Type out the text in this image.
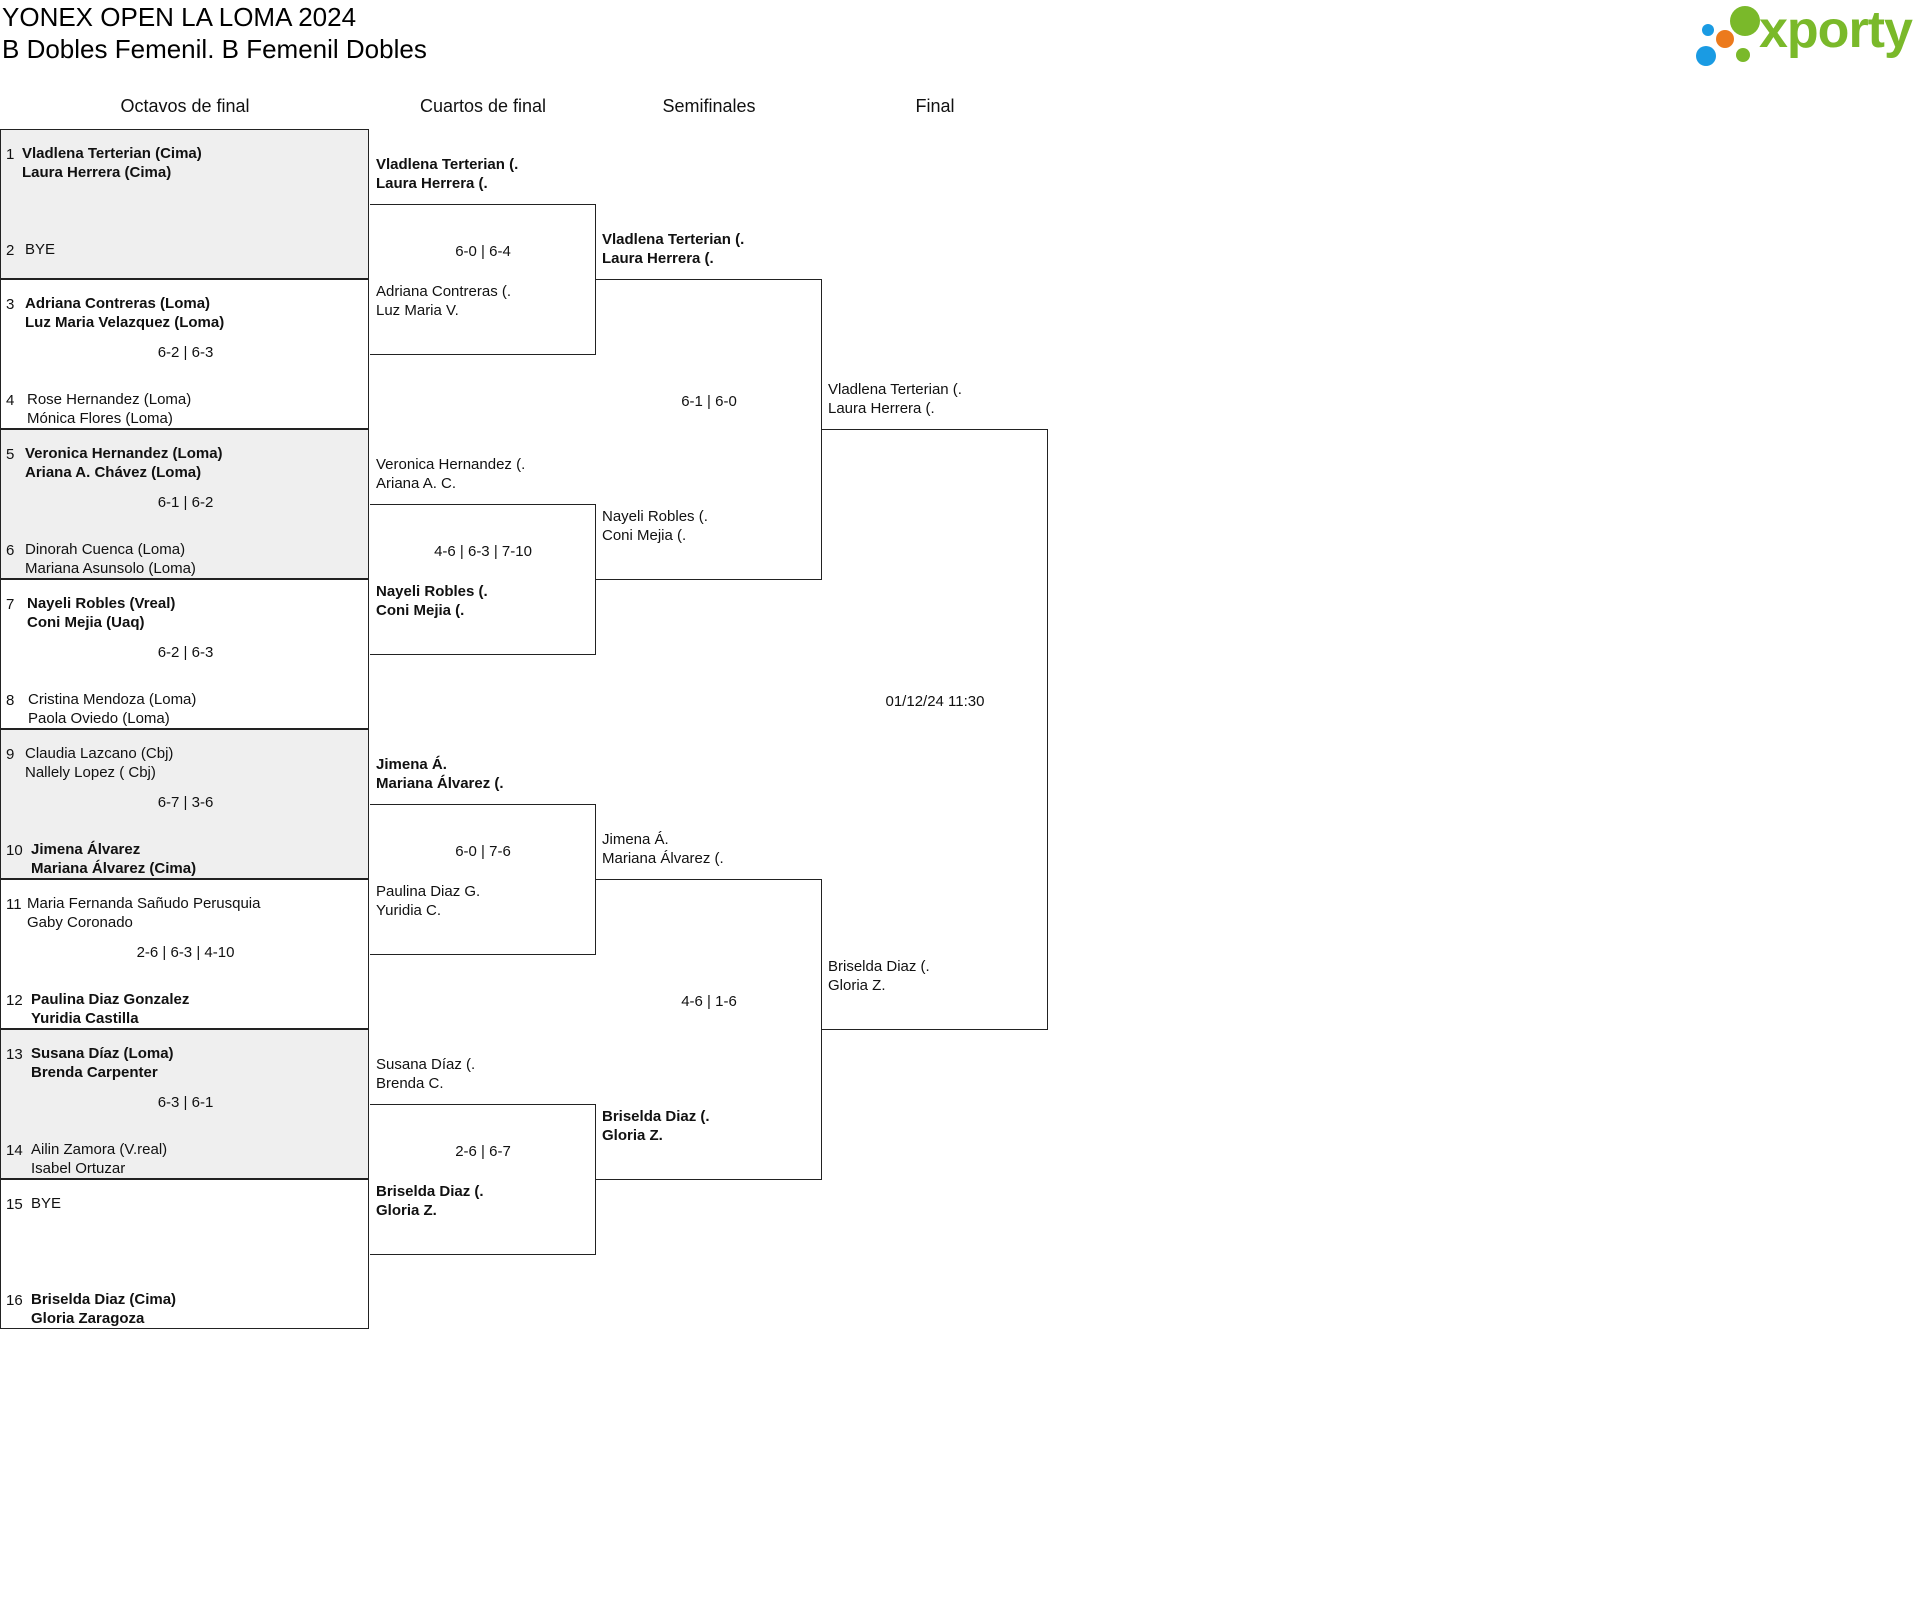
YONEX OPEN LA LOMA 2024
B Dobles Femenil. B Femenil Dobles	xporty
Octavos de final	Cuartos de final	Semifinales	Final
1 Vladlena Terterian (Cima)
Laura Herrera (Cima)
2 BYE
3 Adriana Contreras (Loma)
Luz Maria Velazquez (Loma)
4 Rose Hernandez (Loma)
Mónica Flores (Loma)
6-2 | 6-3
5 Veronica Hernandez (Loma)
Ariana A. Chávez (Loma)
6 Dinorah Cuenca (Loma)
Mariana Asunsolo (Loma)
6-1 | 6-2
7 Nayeli Robles (Vreal)
Coni Mejia (Uaq)
8 Cristina Mendoza (Loma)
Paola Oviedo (Loma)
6-2 | 6-3
9 Claudia Lazcano (Cbj)
Nallely Lopez ( Cbj)
10 Jimena Álvarez
Mariana Álvarez (Cima)
6-7 | 3-6
11 Maria Fernanda Sañudo Perusquia
Gaby Coronado
12 Paulina Diaz Gonzalez
Yuridia Castilla
2-6 | 6-3 | 4-10
13 Susana Díaz (Loma)
Brenda Carpenter
14 Ailin Zamora (V.real)
Isabel Ortuzar
6-3 | 6-1
15 BYE
16 Briselda Diaz (Cima)
Gloria Zaragoza
Vladlena Terterian (.
Laura Herrera (.
Adriana Contreras (.
Luz Maria V.
6-0 | 6-4
Veronica Hernandez (.
Ariana A. C.
Nayeli Robles (.
Coni Mejia (.
4-6 | 6-3 | 7-10
Jimena Á.
Mariana Álvarez (.
Paulina Diaz G.
Yuridia C.
6-0 | 7-6
Susana Díaz (.
Brenda C.
Briselda Diaz (.
Gloria Z.
2-6 | 6-7
Vladlena Terterian (.
Laura Herrera (.
Nayeli Robles (.
Coni Mejia (.
6-1 | 6-0
Jimena Á.
Mariana Álvarez (.
Briselda Diaz (.
Gloria Z.
4-6 | 1-6
Vladlena Terterian (.
Laura Herrera (.
Briselda Diaz (.
Gloria Z.
01/12/24 11:30
